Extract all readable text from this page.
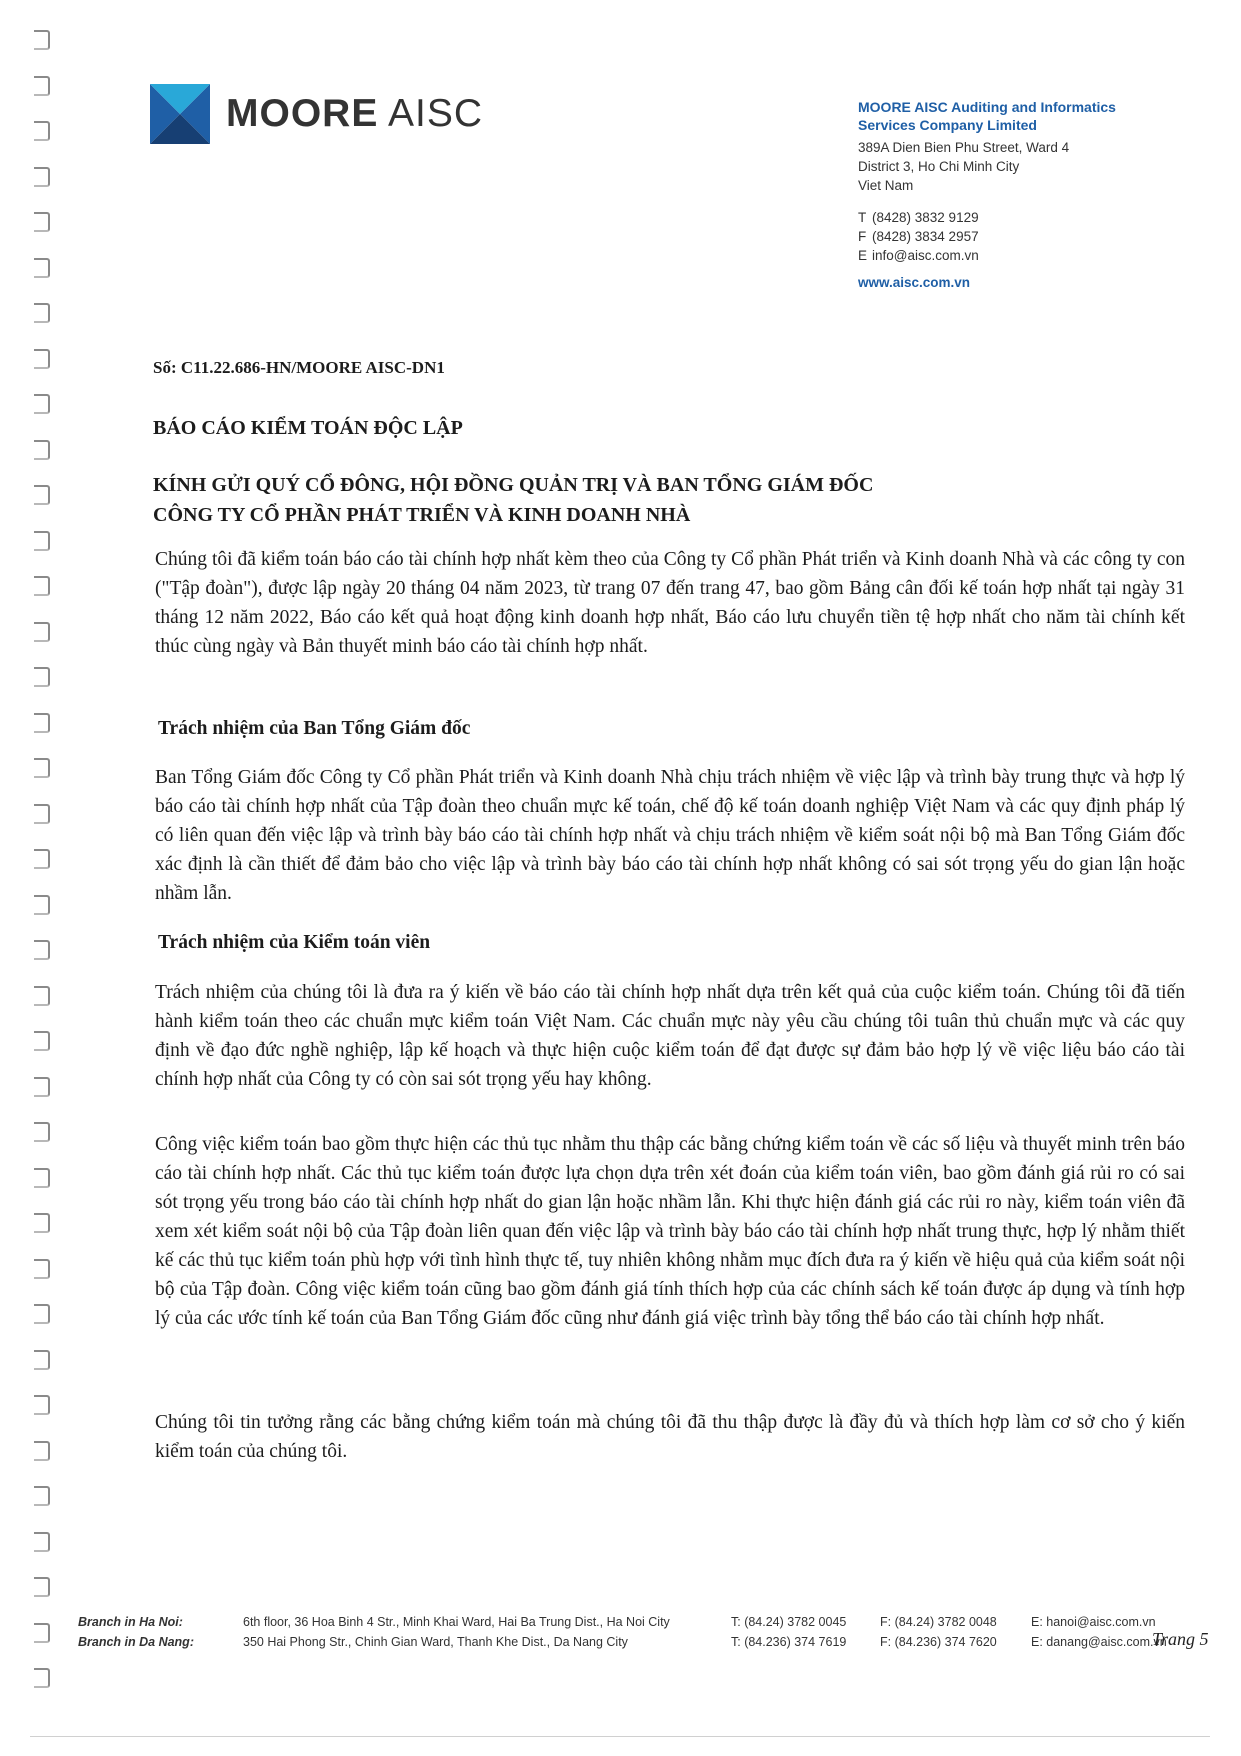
MOORE AISC	MOORE AISC Auditing and Informatics
Services Company Limited
389A Dien Bien Phu Street, Ward 4
District 3, Ho Chi Minh City
Viet Nam
T (8428) 3832 9129
F (8428) 3834 2957
E info@aisc.com.vn
www.aisc.com.vn
Số: C11.22.686-HN/MOORE AISC-DN1
BÁO CÁO KIỂM TOÁN ĐỘC LẬP
KÍNH GỬI QUÝ CỔ ĐÔNG, HỘI ĐỒNG QUẢN TRỊ VÀ BAN TỔNG GIÁM ĐỐC
CÔNG TY CỔ PHẦN PHÁT TRIỂN VÀ KINH DOANH NHÀ
Chúng tôi đã kiểm toán báo cáo tài chính hợp nhất kèm theo của Công ty Cổ phần Phát triển và Kinh doanh Nhà và các công ty con ("Tập đoàn"), được lập ngày 20 tháng 04 năm 2023, từ trang 07 đến trang 47, bao gồm Bảng cân đối kế toán hợp nhất tại ngày 31 tháng 12 năm 2022, Báo cáo kết quả hoạt động kinh doanh hợp nhất, Báo cáo lưu chuyển tiền tệ hợp nhất cho năm tài chính kết thúc cùng ngày và Bản thuyết minh báo cáo tài chính hợp nhất.
Trách nhiệm của Ban Tổng Giám đốc
Ban Tổng Giám đốc Công ty Cổ phần Phát triển và Kinh doanh Nhà chịu trách nhiệm về việc lập và trình bày trung thực và hợp lý báo cáo tài chính hợp nhất của Tập đoàn theo chuẩn mực kế toán, chế độ kế toán doanh nghiệp Việt Nam và các quy định pháp lý có liên quan đến việc lập và trình bày báo cáo tài chính hợp nhất và chịu trách nhiệm về kiểm soát nội bộ mà Ban Tổng Giám đốc xác định là cần thiết để đảm bảo cho việc lập và trình bày báo cáo tài chính hợp nhất không có sai sót trọng yếu do gian lận hoặc nhầm lẫn.
Trách nhiệm của Kiểm toán viên
Trách nhiệm của chúng tôi là đưa ra ý kiến về báo cáo tài chính hợp nhất dựa trên kết quả của cuộc kiểm toán. Chúng tôi đã tiến hành kiểm toán theo các chuẩn mực kiểm toán Việt Nam. Các chuẩn mực này yêu cầu chúng tôi tuân thủ chuẩn mực và các quy định về đạo đức nghề nghiệp, lập kế hoạch và thực hiện cuộc kiểm toán để đạt được sự đảm bảo hợp lý về việc liệu báo cáo tài chính hợp nhất của Công ty có còn sai sót trọng yếu hay không.
Công việc kiểm toán bao gồm thực hiện các thủ tục nhằm thu thập các bằng chứng kiểm toán về các số liệu và thuyết minh trên báo cáo tài chính hợp nhất. Các thủ tục kiểm toán được lựa chọn dựa trên xét đoán của kiểm toán viên, bao gồm đánh giá rủi ro có sai sót trọng yếu trong báo cáo tài chính hợp nhất do gian lận hoặc nhầm lẫn. Khi thực hiện đánh giá các rủi ro này, kiểm toán viên đã xem xét kiểm soát nội bộ của Tập đoàn liên quan đến việc lập và trình bày báo cáo tài chính hợp nhất trung thực, hợp lý nhằm thiết kế các thủ tục kiểm toán phù hợp với tình hình thực tế, tuy nhiên không nhằm mục đích đưa ra ý kiến về hiệu quả của kiểm soát nội bộ của Tập đoàn. Công việc kiểm toán cũng bao gồm đánh giá tính thích hợp của các chính sách kế toán được áp dụng và tính hợp lý của các ước tính kế toán của Ban Tổng Giám đốc cũng như đánh giá việc trình bày tổng thể báo cáo tài chính hợp nhất.
Chúng tôi tin tưởng rằng các bằng chứng kiểm toán mà chúng tôi đã thu thập được là đầy đủ và thích hợp làm cơ sở cho ý kiến kiểm toán của chúng tôi.
Branch in Ha Noi:	6th floor, 36 Hoa Binh 4 Str., Minh Khai Ward, Hai Ba Trung Dist., Ha Noi City	T: (84.24) 3782 0045	F: (84.24) 3782 0048	E: hanoi@aisc.com.vn
Branch in Da Nang:	350 Hai Phong Str., Chinh Gian Ward, Thanh Khe Dist., Da Nang City	T: (84.236) 374 7619	F: (84.236) 374 7620	E: danang@aisc.com.vn
Trang 5
